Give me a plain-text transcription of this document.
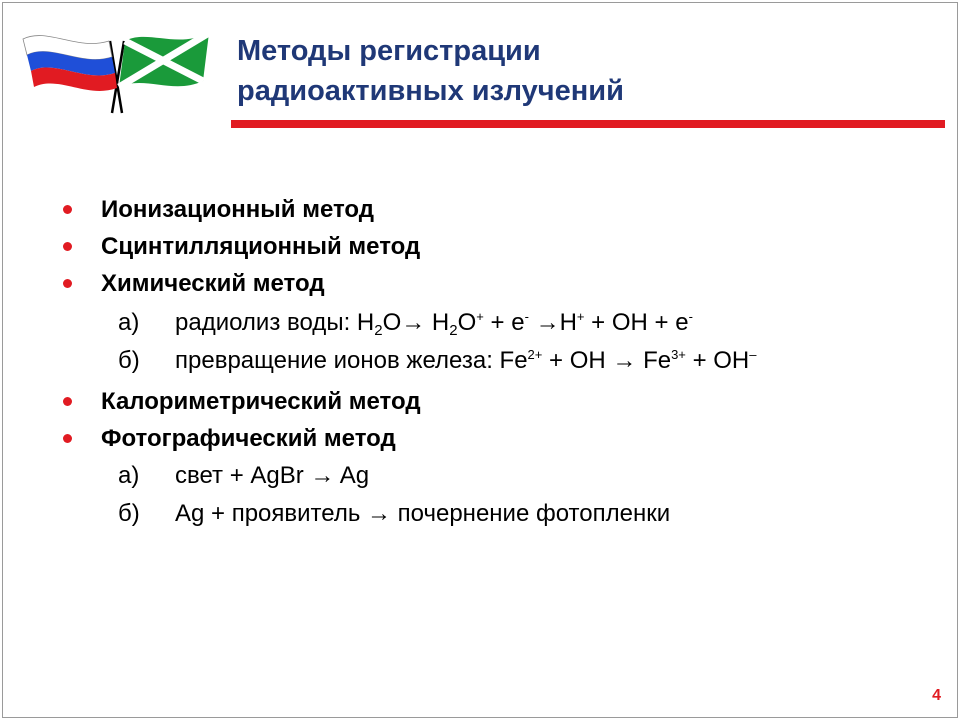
Методы регистрации
радиоактивных излучений
Ионизационный метод
Сцинтилляционный метод
Химический метод
а) радиолиз воды: $H_2O\to H_2O^+ + e^- \to H^+$ + OH + e-
б) превращение ионов железа: $Fe^{2+}$ + OH → $Fe^{3+} + OH^-$
Калориметрический метод
Фотографический метод
а) свет + AgBr → Ag
б) Ag + проявитель → почернение фотопленки
4
